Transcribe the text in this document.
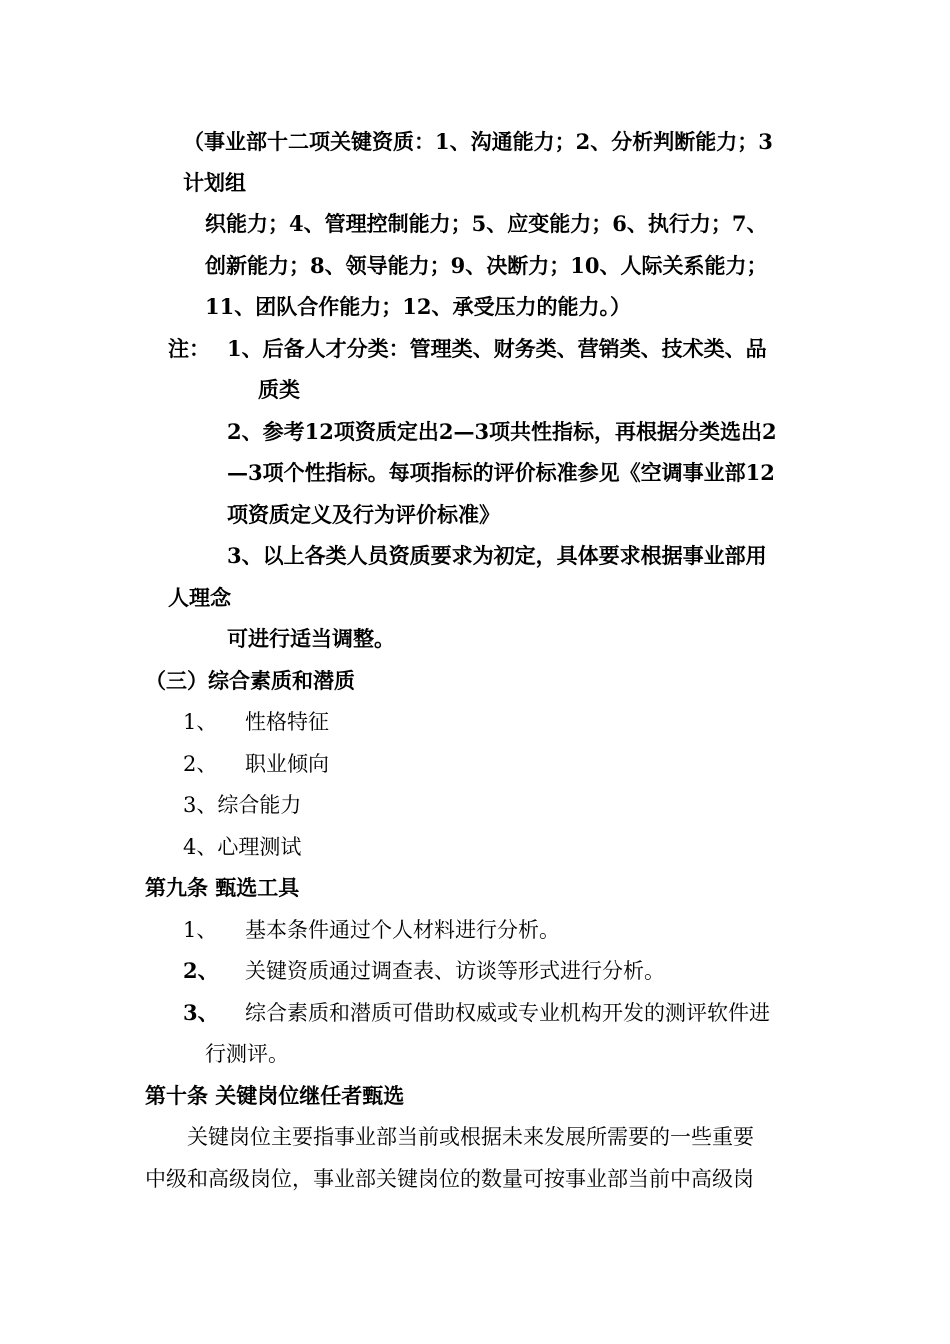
（事业部十二项关键资质：1、沟通能力；2、分析判断能力；3
计划组
织能力；4、管理控制能力；5、应变能力；6、执行力；7、
创新能力；8、领导能力；9、决断力；10、人际关系能力；
11、团队合作能力；12、承受压力的能力。）
注： 1、后备人才分类：管理类、财务类、营销类、技术类、品
质类
2、参考12项资质定出2—3项共性指标，再根据分类选出2
—3项个性指标。每项指标的评价标准参见《空调事业部12
项资质定义及行为评价标准》
3、以上各类人员资质要求为初定，具体要求根据事业部用
人理念
可进行适当调整。
（三）综合素质和潜质
1、 性格特征
2、 职业倾向
3、综合能力
4、心理测试
第九条 甄选工具
1、 基本条件通过个人材料进行分析。
2、 关键资质通过调查表、访谈等形式进行分析。
3、 综合素质和潜质可借助权威或专业机构开发的测评软件进
行测评。
第十条 关键岗位继任者甄选
关键岗位主要指事业部当前或根据未来发展所需要的一些重要
中级和高级岗位，事业部关键岗位的数量可按事业部当前中高级岗
